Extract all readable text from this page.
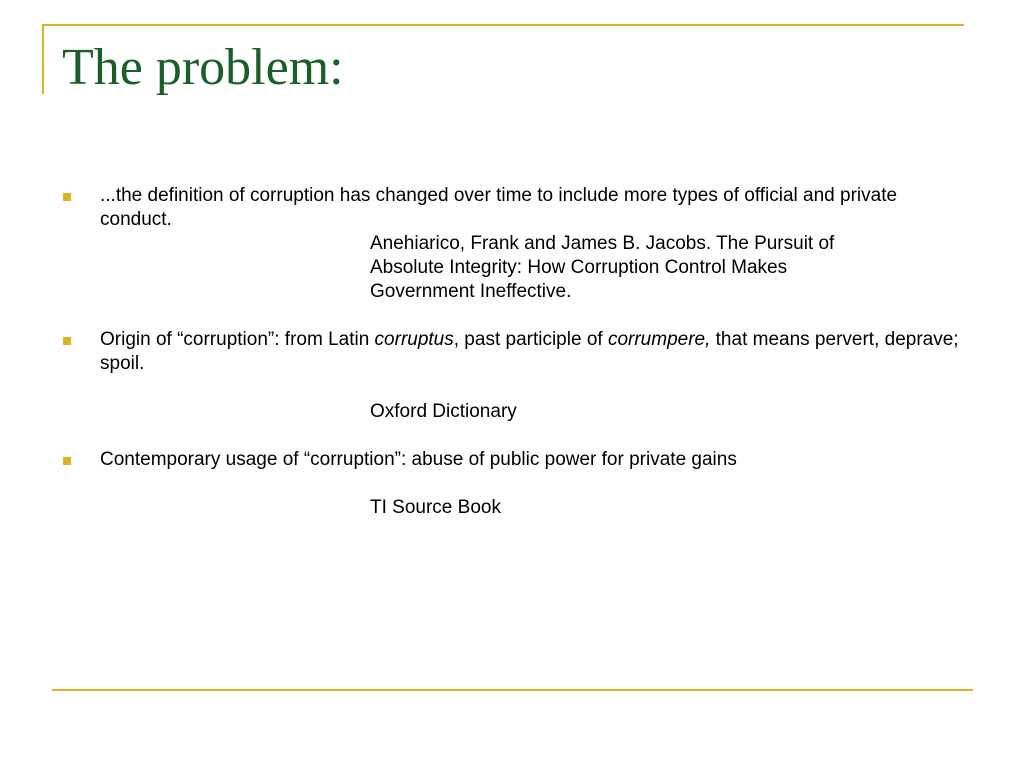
The problem:
...the definition of corruption has changed over time to include more types of official and private conduct.
Anehiarico, Frank and James B. Jacobs. The Pursuit of Absolute Integrity: How Corruption Control Makes Government Ineffective.
Origin of “corruption”: from Latin corruptus, past participle of corrumpere, that means pervert, deprave; spoil.
Oxford Dictionary
Contemporary usage of “corruption”: abuse of public power for private gains
TI Source Book
